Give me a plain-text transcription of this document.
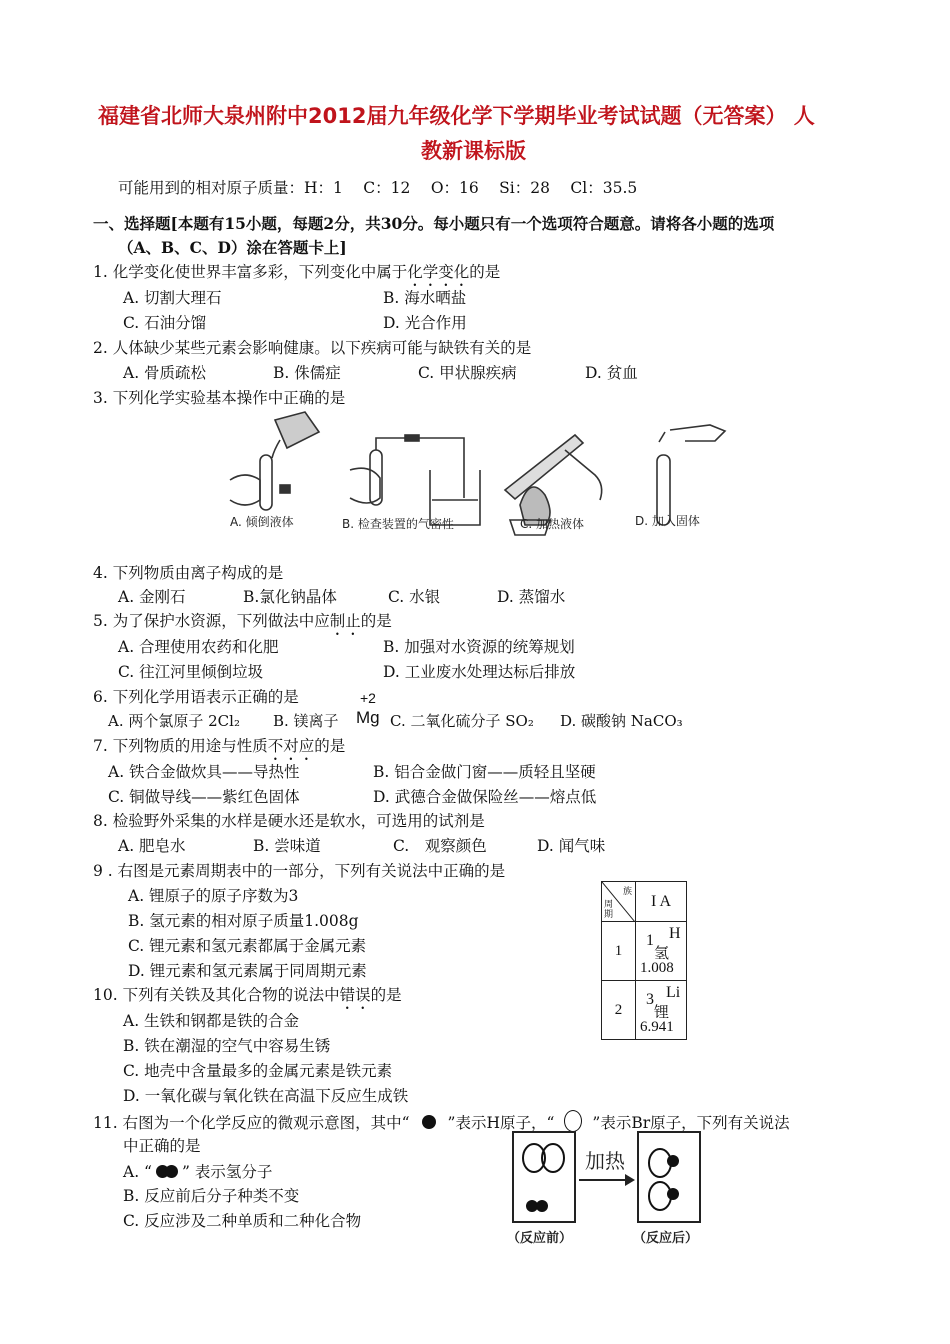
福建省北师大泉州附中2012届九年级化学下学期毕业考试试题（无答案） 人
教新课标版
可能用到的相对原子质量：H：1　 C：12　 O：16　 Si：28　 Cl：35.5
一、选择题[本题有15小题，每题2分，共30分。每小题只有一个选项符合题意。请将各小题的选项
（A、B、C、D）涂在答题卡上]
1. 化学变化使世界丰富多彩，下列变化中属于化学变化的是
A. 切割大理石	B. 海水晒盐
C. 石油分馏	D. 光合作用
2. 人体缺少某些元素会影响健康。以下疾病可能与缺铁有关的是
A. 骨质疏松	B. 侏儒症	C. 甲状腺疾病	D. 贫血
3. 下列化学实验基本操作中正确的是
A. 倾倒液体	B. 检查装置的气密性	C. 加热液体	D. 加入固体
4. 下列物质由离子构成的是
A. 金刚石	B.氯化钠晶体	C. 水银	D. 蒸馏水
5. 为了保护水资源，下列做法中应制止的是
A. 合理使用农药和化肥	B. 加强对水资源的统筹规划
C. 往江河里倾倒垃圾	D. 工业废水处理达标后排放
6. 下列化学用语表示正确的是
A. 两个氯原子 2Cl₂ B. 镁离子
+2
Mg C. 二氧化硫分子 SO₂ D. 碳酸钠 NaCO₃
7. 下列物质的用途与性质不对应的是
A. 铁合金做炊具——导热性	B. 铝合金做门窗——质轻且坚硬
C. 铜做导线——紫红色固体	D. 武德合金做保险丝——熔点低
8. 检验野外采集的水样是硬水还是软水，可选用的试剂是
A. 肥皂水	B. 尝味道	C.　观察颜色	D. 闻气味
9 . 右图是元素周期表中的一部分，下列有关说法中正确的是
A. 锂原子的原子序数为3
B. 氢元素的相对原子质量1.008g
C. 锂元素和氢元素都属于金属元素
D. 锂元素和氢元素属于同周期元素
族
周期	I A
1	1 H
氢
1.008

2	3 Li
锂
6.941
10. 下列有关铁及其化合物的说法中错误的是
A. 生铁和钢都是铁的合金
B. 铁在潮湿的空气中容易生锈
C. 地壳中含量最多的金属元素是铁元素
D. 一氧化碳与氧化铁在高温下反应生成铁
11. 右图为一个化学反应的微观示意图，其中“ ”表示H原子，“ ”表示Br原子，下列有关说法
中正确的是
A. “ ” 表示氢分子
B. 反应前后分子种类不变
C. 反应涉及二种单质和二种化合物
加热
（反应前）	（反应后）
